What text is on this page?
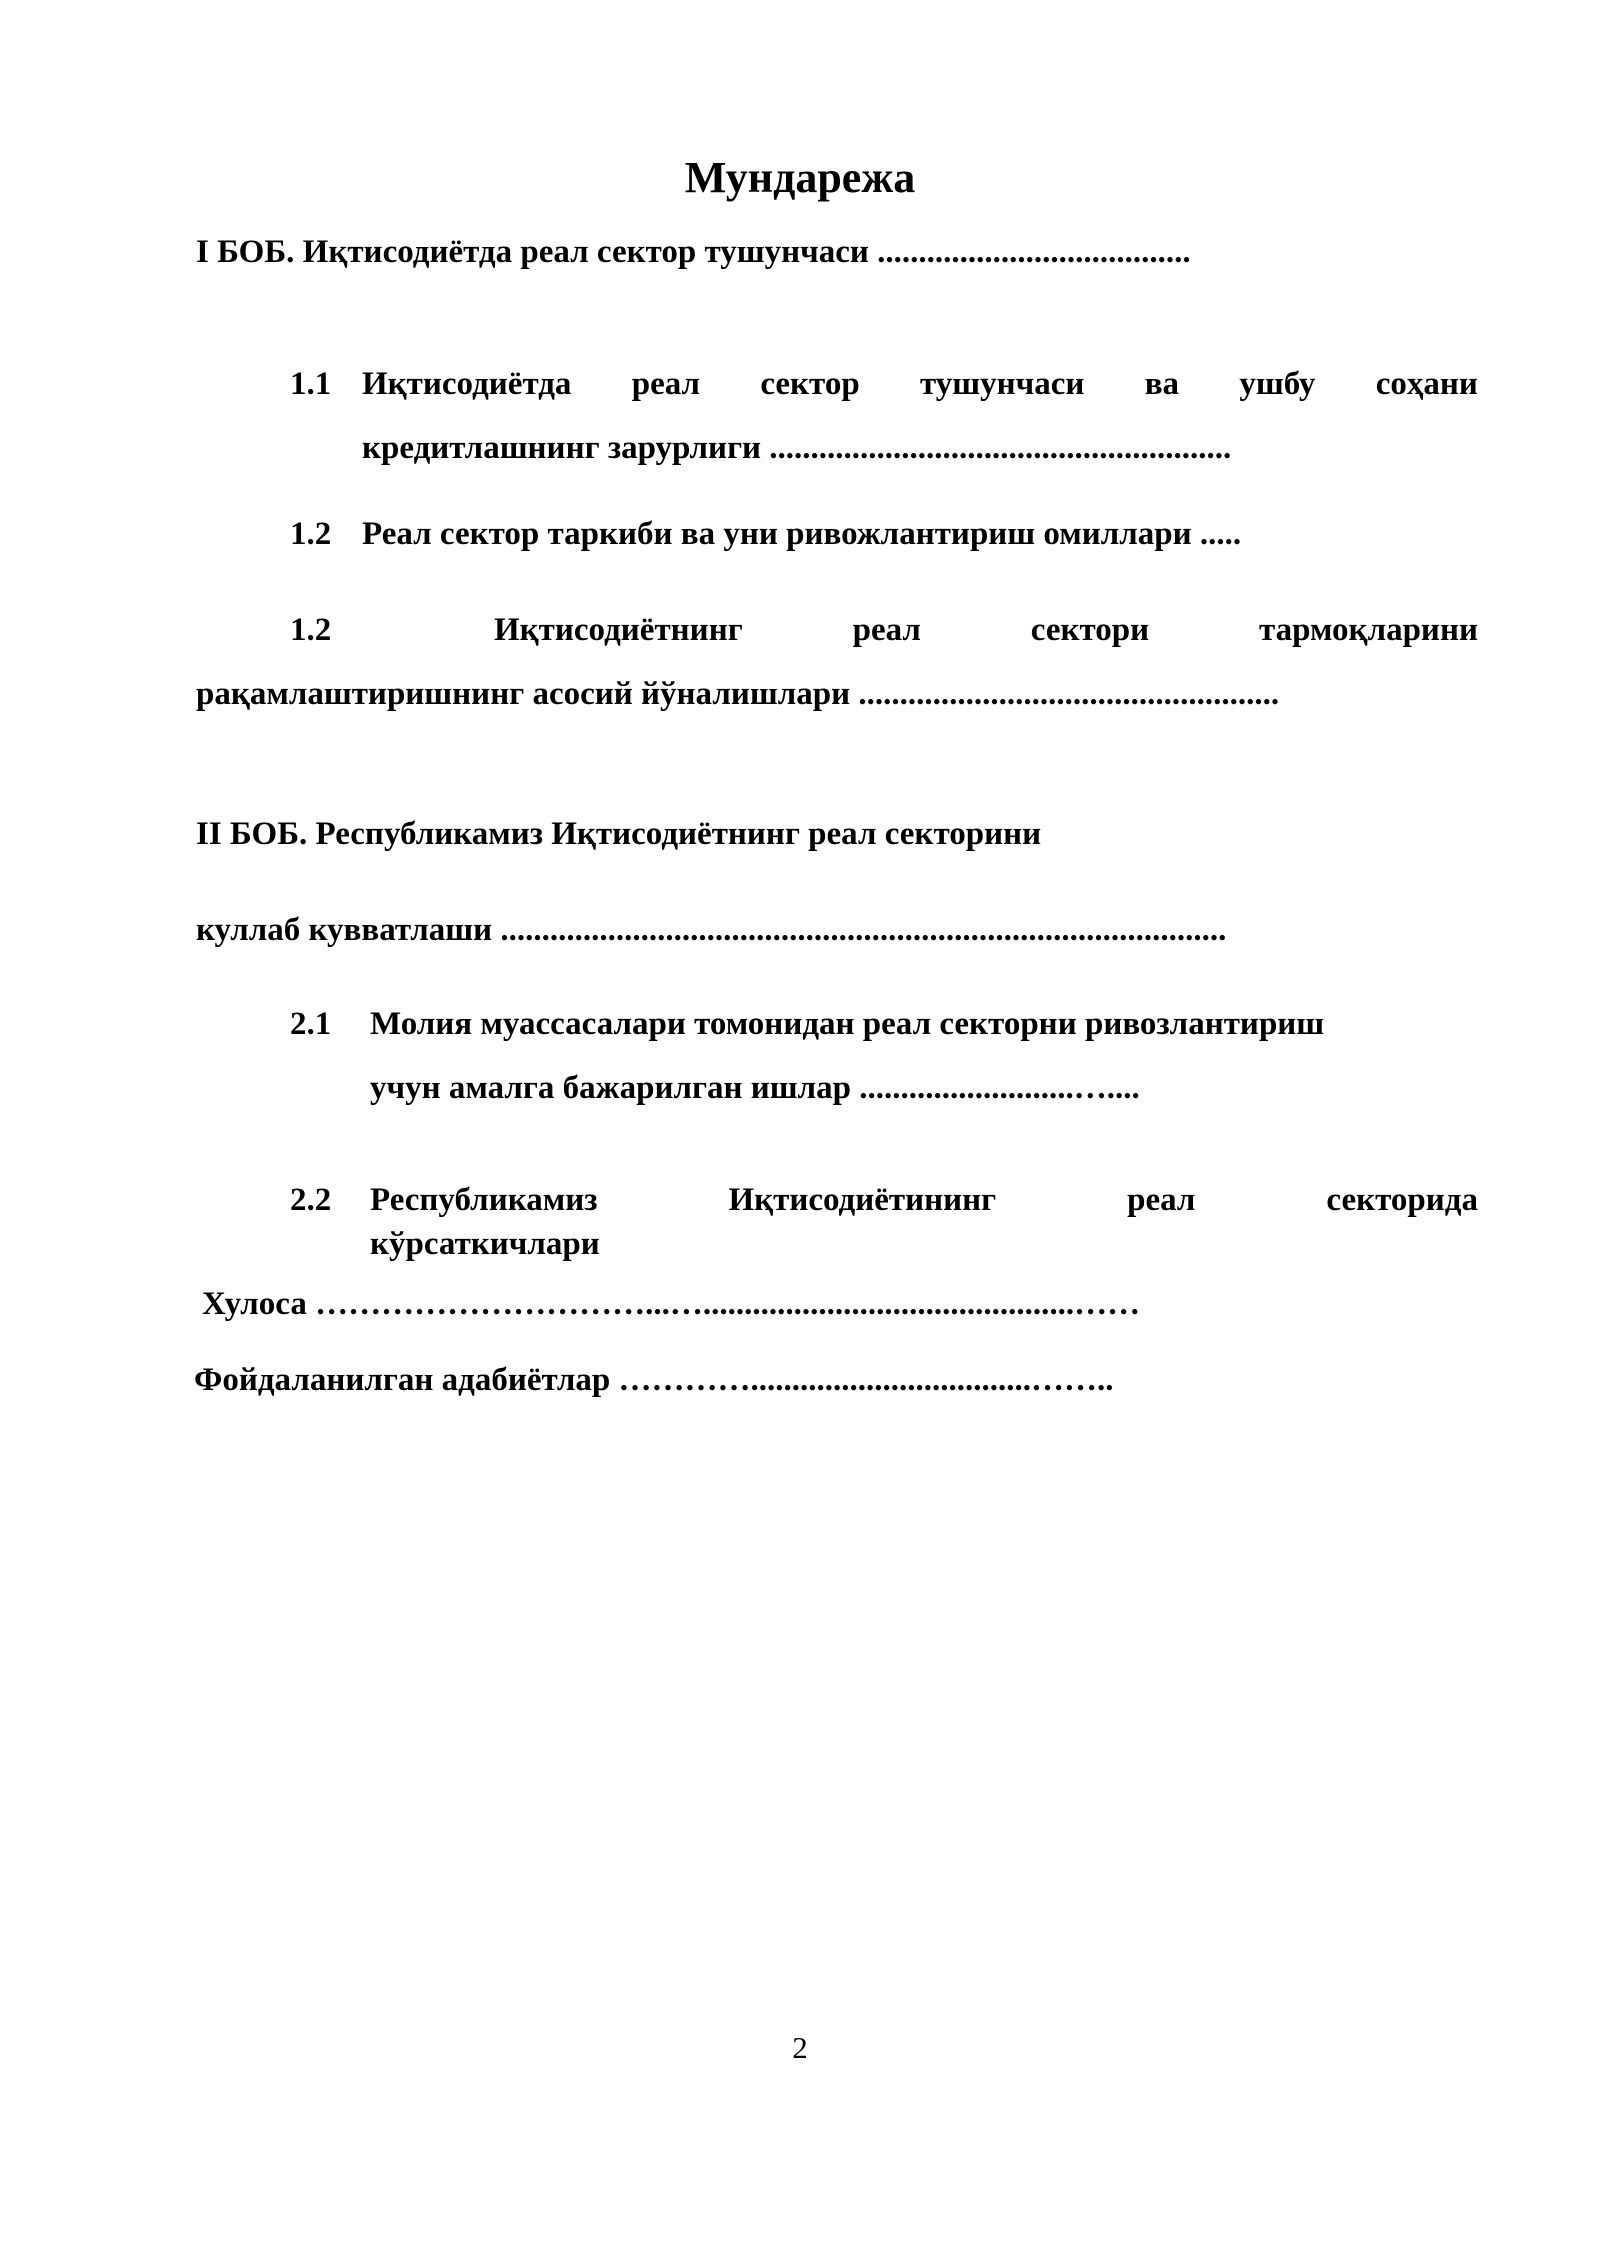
Мундарежа
I БОБ. Иқтисодиётда реал сектор тушунчаси ......................................
1.1 Иқтисодиётда реал сектор тушунчаси ва ушбу соҳани
кредитлашнинг зарурлиги ........................................................
1.2 Реал сектор таркиби ва уни ривожлантириш омиллари .....
1.2	Иқтисодиётнинг	реал	сектори	тармоқларини
рақамлаштиришнинг асосий йўналишлари ...................................................
II БОБ. Республикамиз Иқтисодиётнинг реал секторини
куллаб кувватлаши ........................................................................................
2.1 Молия муассасалари томонидан реал секторни ривозлантириш
учун амалга бажарилган ишлар ..........................…....
2.2 Республикамиз	Иқтисодиётининг	реал	секторида
кўрсаткичлари
Хулоса …………………………...….............................................……
Фойдаланилган адабиётлар …………..................................……..
2
